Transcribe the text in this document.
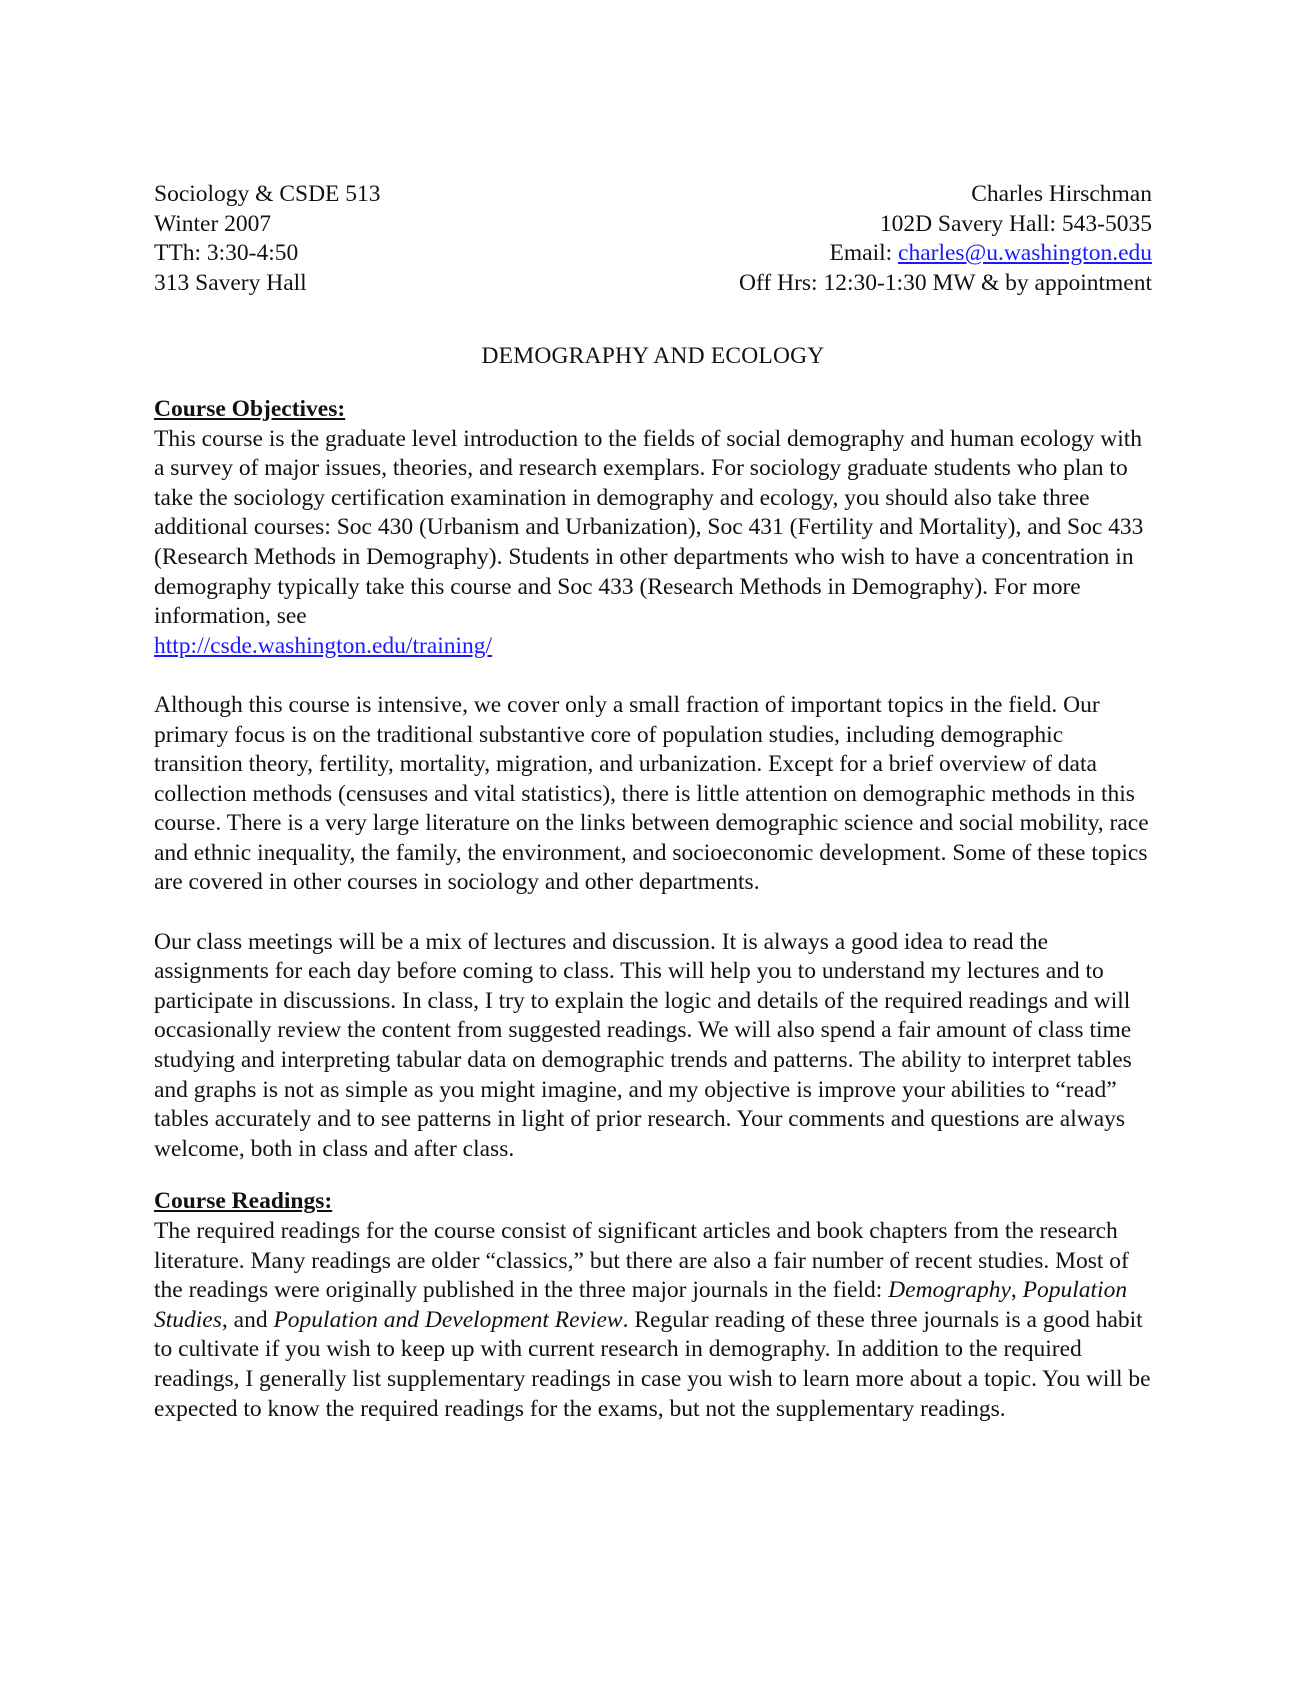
Sociology & CSDE 513
Winter 2007
TTh: 3:30-4:50
313 Savery Hall
Charles Hirschman
102D Savery Hall: 543-5035
Email: charles@u.washington.edu
Off Hrs: 12:30-1:30 MW & by appointment
DEMOGRAPHY AND ECOLOGY
Course Objectives:

This course is the graduate level introduction to the fields of social demography and human ecology with a survey of major issues, theories, and research exemplars. For sociology graduate students who plan to take the sociology certification examination in demography and ecology, you should also take three additional courses: Soc 430 (Urbanism and Urbanization), Soc 431 (Fertility and Mortality), and Soc 433 (Research Methods in Demography). Students in other departments who wish to have a concentration in demography typically take this course and Soc 433 (Research Methods in Demography). For more information, see
http://csde.washington.edu/training/

Although this course is intensive, we cover only a small fraction of important topics in the field. Our primary focus is on the traditional substantive core of population studies, including demographic transition theory, fertility, mortality, migration, and urbanization. Except for a brief overview of data collection methods (censuses and vital statistics), there is little attention on demographic methods in this course. There is a very large literature on the links between demographic science and social mobility, race and ethnic inequality, the family, the environment, and socioeconomic development. Some of these topics are covered in other courses in sociology and other departments.

Our class meetings will be a mix of lectures and discussion. It is always a good idea to read the assignments for each day before coming to class. This will help you to understand my lectures and to participate in discussions. In class, I try to explain the logic and details of the required readings and will occasionally review the content from suggested readings. We will also spend a fair amount of class time studying and interpreting tabular data on demographic trends and patterns. The ability to interpret tables and graphs is not as simple as you might imagine, and my objective is improve your abilities to “read” tables accurately and to see patterns in light of prior research. Your comments and questions are always welcome, both in class and after class.

Course Readings:

The required readings for the course consist of significant articles and book chapters from the research literature. Many readings are older “classics,” but there are also a fair number of recent studies. Most of the readings were originally published in the three major journals in the field: Demography, Population Studies, and Population and Development Review. Regular reading of these three journals is a good habit to cultivate if you wish to keep up with current research in demography. In addition to the required readings, I generally list supplementary readings in case you wish to learn more about a topic. You will be expected to know the required readings for the exams, but not the supplementary readings.
